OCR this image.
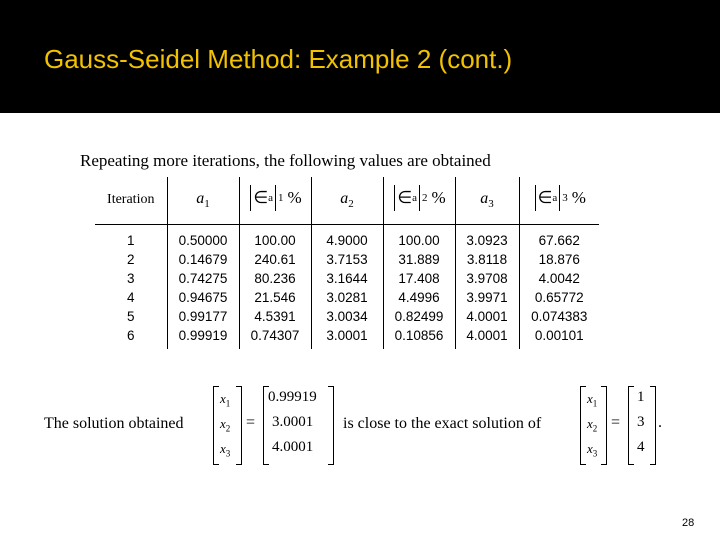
Gauss-Seidel Method: Example 2 (cont.)
Repeating more iterations, the following values are obtained
Iteration	$a_1$	∈ a 1 %	$a_2$	∈ a 2 %	$a_3$	∈ a 3 %

1	0.50000	100.00	4.9000	100.00	3.0923	67.662
2	0.14679	240.61	3.7153	31.889	3.8118	18.876
3	0.74275	80.236	3.1644	17.408	3.9708	4.0042
4	0.94675	21.546	3.0281	4.4996	3.9971	0.65772
5	0.99177	4.5391	3.0034	0.82499	4.0001	0.074383
6	0.99919	0.74307	3.0001	0.10856	4.0001	0.00101
The solution obtained
$x_1$
$x_2$
$x_3$
=
0.99919
3.0001
4.0001
is close to the exact solution of
$x_1$
$x_2$
$x_3$
=
1
3
4
.
28
